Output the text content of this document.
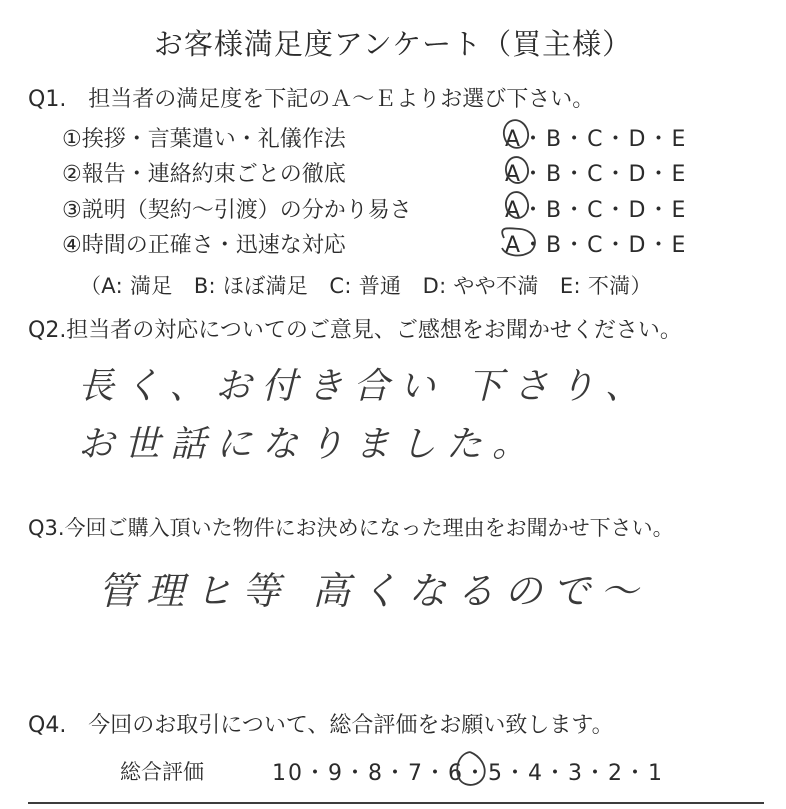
お客様満足度アンケート（買主様）
Q1.　担当者の満足度を下記のＡ～Ｅよりお選び下さい。
①挨拶・言葉遣い・礼儀作法	A・B・C・D・E
②報告・連絡約束ごとの徹底	A・B・C・D・E
③説明（契約～引渡）の分かり易さ	A・B・C・D・E
④時間の正確さ・迅速な対応	A・B・C・D・E
（A: 満足　B: ほぼ満足　C: 普通　D: やや不満　E: 不満）
Q2.担当者の対応についてのご意見、ご感想をお聞かせください。
長く、お付き合い 下さり、
お世話になりました。
Q3.今回ご購入頂いた物件にお決めになった理由をお聞かせ下さい。
管理ヒ等 高くなるので〜
Q4.　今回のお取引について、総合評価をお願い致します。
総合評価	10・9・8・7・6・5・4・3・2・1
